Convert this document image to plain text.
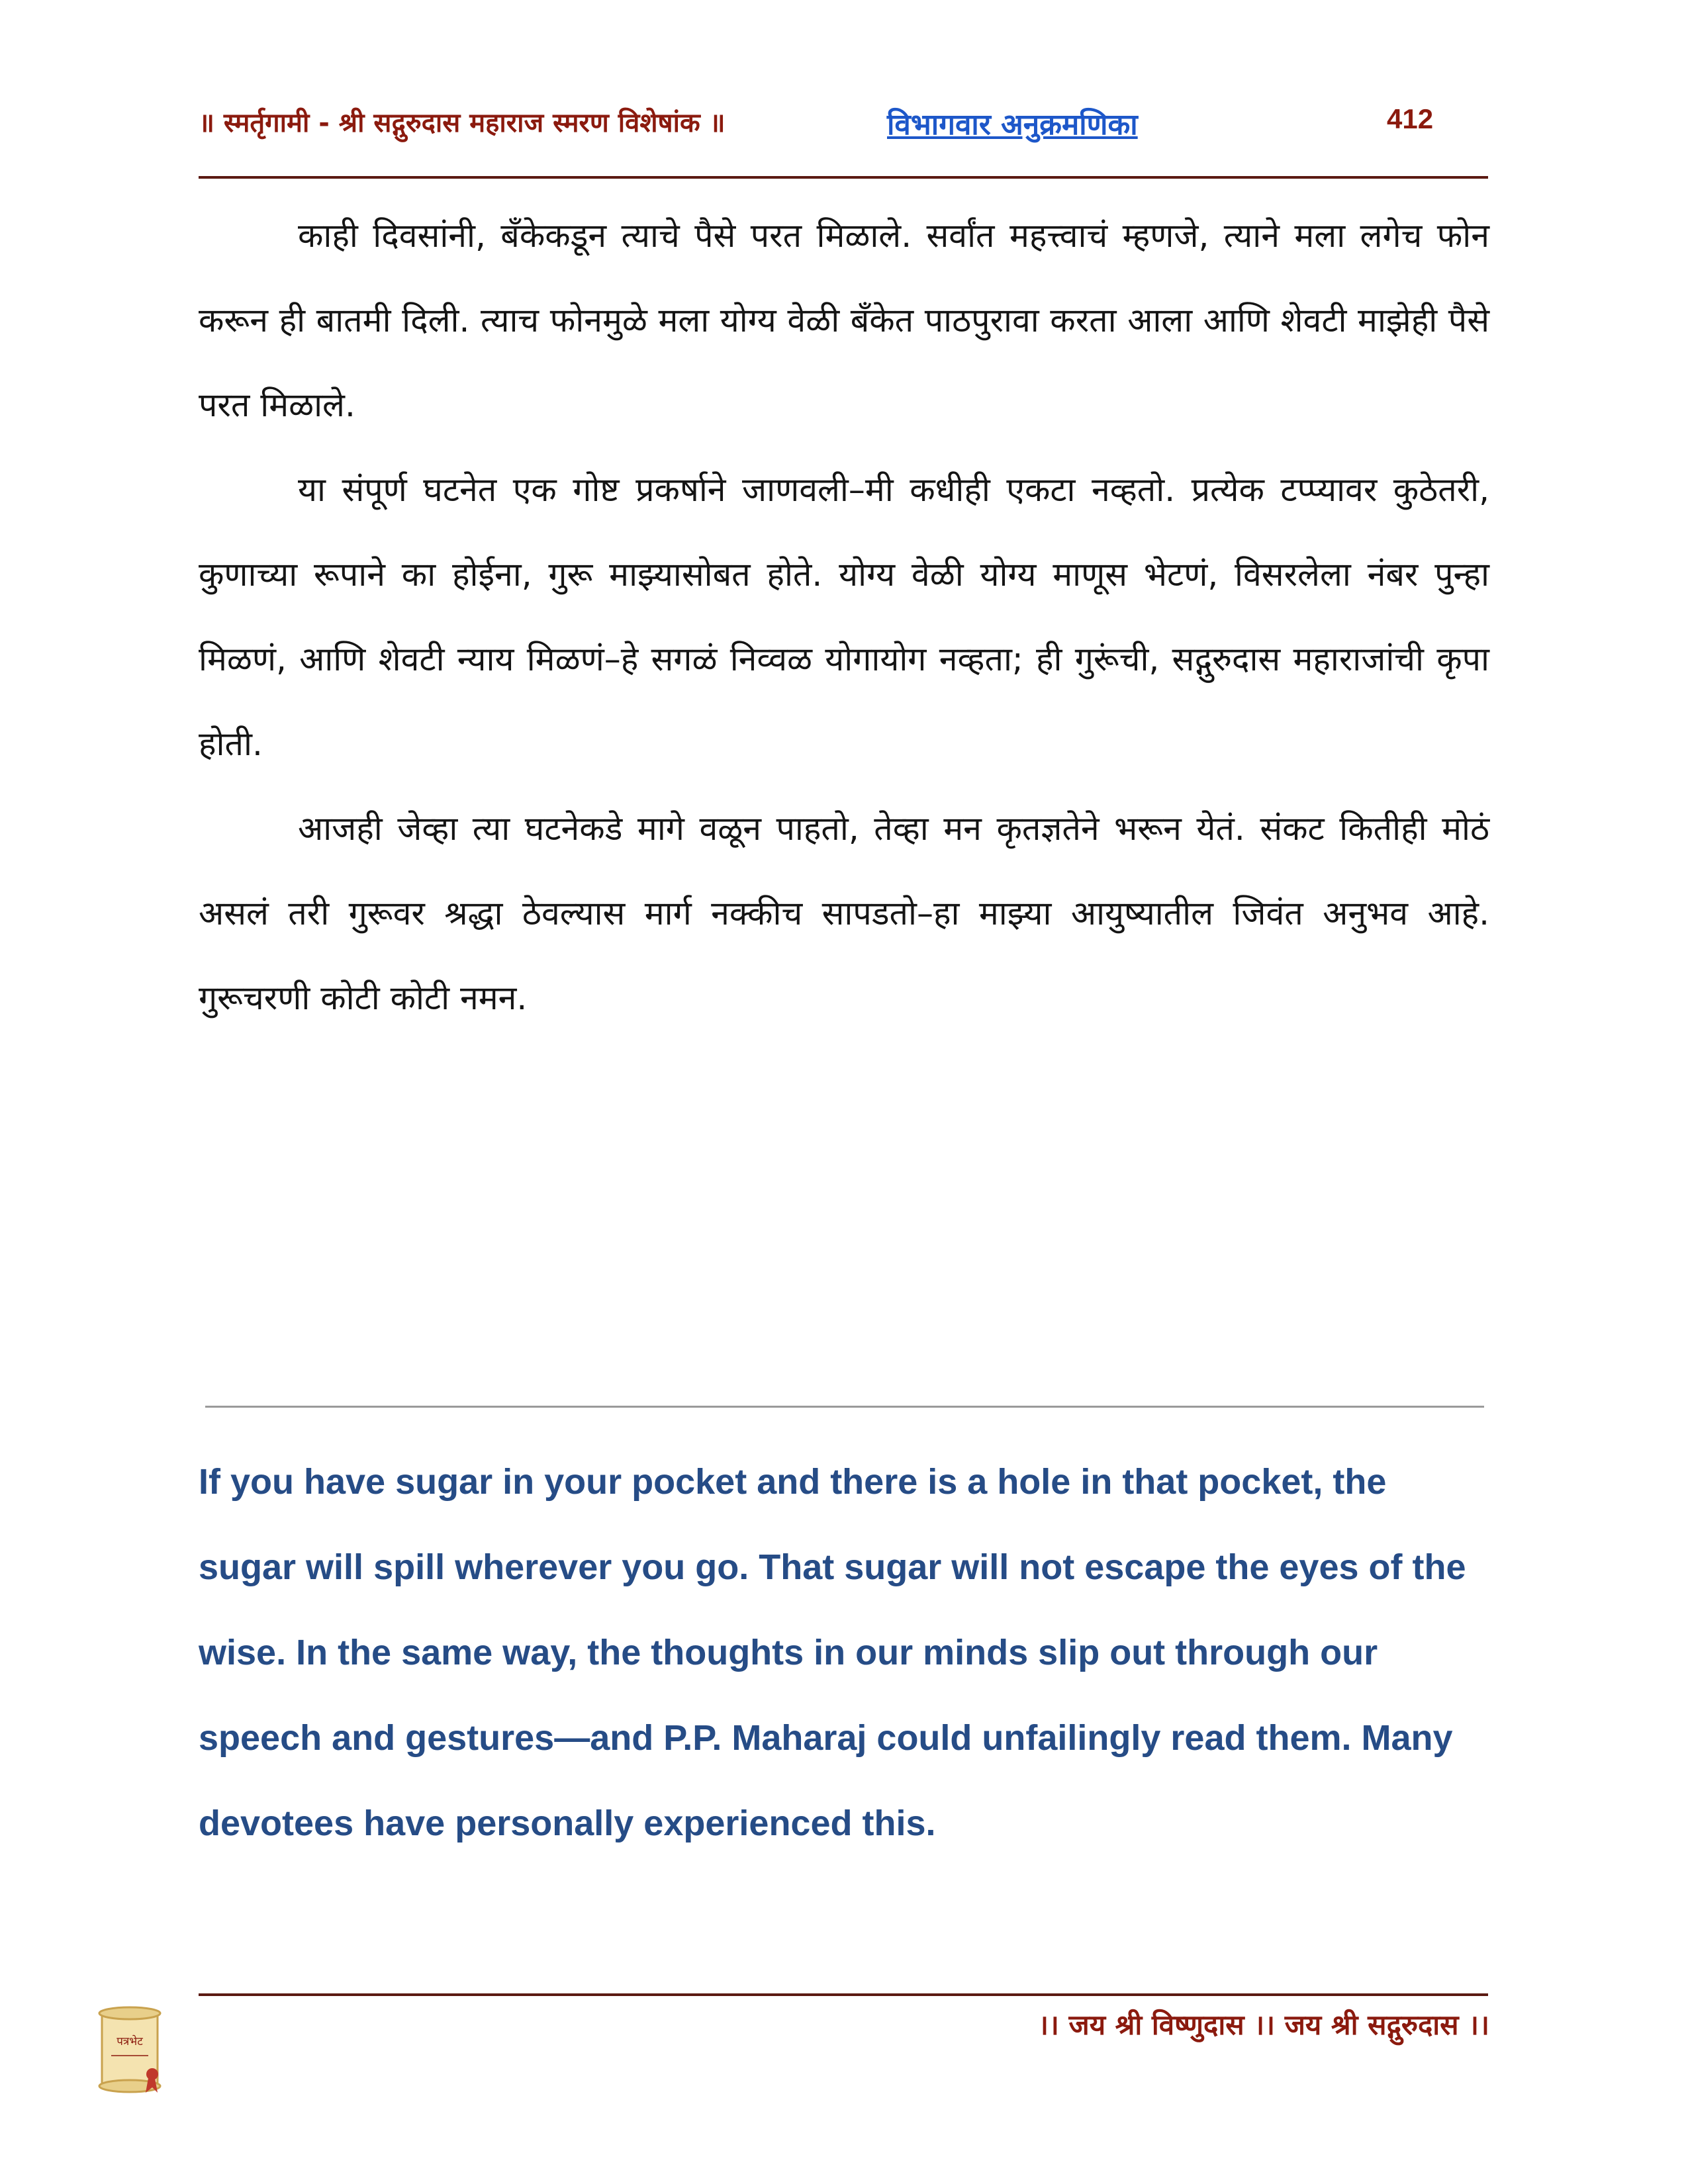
॥ स्मर्तृगामी - श्री सद्गुरुदास महाराज स्मरण विशेषांक ॥	विभागवार अनुक्रमणिका	412

काही दिवसांनी, बँकेकडून त्याचे पैसे परत मिळाले. सर्वांत महत्त्वाचं म्हणजे, त्याने मला लगेच फोन करून ही बातमी दिली. त्याच फोनमुळे मला योग्य वेळी बँकेत पाठपुरावा करता आला आणि शेवटी माझेही पैसे परत मिळाले.

या संपूर्ण घटनेत एक गोष्ट प्रकर्षाने जाणवली–मी कधीही एकटा नव्हतो. प्रत्येक टप्प्यावर कुठेतरी, कुणाच्या रूपाने का होईना, गुरू माझ्यासोबत होते. योग्य वेळी योग्य माणूस भेटणं, विसरलेला नंबर पुन्हा मिळणं, आणि शेवटी न्याय मिळणं–हे सगळं निव्वळ योगायोग नव्हता; ही गुरूंची, सद्गुरुदास महाराजांची कृपा होती.

आजही जेव्हा त्या घटनेकडे मागे वळून पाहतो, तेव्हा मन कृतज्ञतेने भरून येतं. संकट कितीही मोठं असलं तरी गुरूवर श्रद्धा ठेवल्यास मार्ग नक्कीच सापडतो–हा माझ्या आयुष्यातील जिवंत अनुभव आहे. गुरूचरणी कोटी कोटी नमन.

If you have sugar in your pocket and there is a hole in that pocket, the sugar will spill wherever you go. That sugar will not escape the eyes of the wise. In the same way, the thoughts in our minds slip out through our speech and gestures—and P.P. Maharaj could unfailingly read them. Many devotees have personally experienced this.

।। जय श्री विष्णुदास ।। जय श्री सद्गुरुदास ।।
पत्रभेट
